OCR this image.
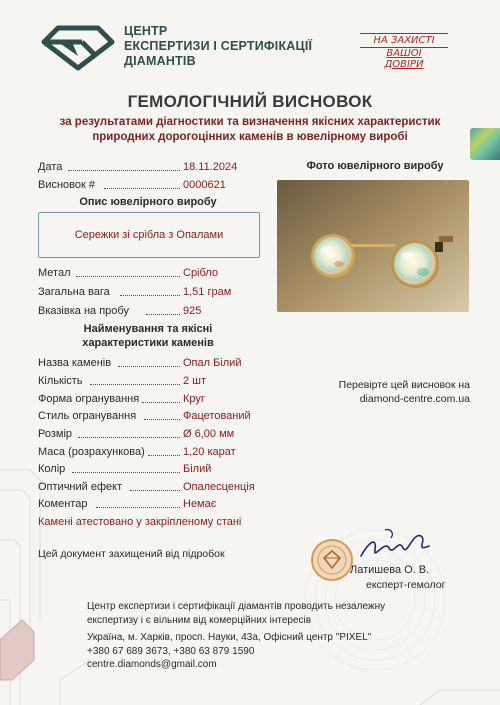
ЦЕНТР
ЕКСПЕРТИЗИ І СЕРТИФІКАЦІЇ
ДІАМАНТІВ
НА ЗАХИСТІ
ВАШОЇ
ДОВІРИ
ГЕМОЛОГІЧНИЙ ВИСНОВОК
за результатами діагностики та визначення якісних характеристик
природних дорогоцінних каменів в ювелірному виробі
Дата	18.11.2024
Висновок #	0000621
Опис ювелірного виробу
Сережки зі срібла з Опалами
Метал	Срібло
Загальна вага	1,51 грам
Вказівка на пробу	925
Найменування та якісні
характеристики каменів
Назва каменів	Опал Білий
Кількість	2 шт
Форма огранування	Круг
Стиль огранування	Фацетований
Розмір	Ø 6,00 мм
Маса (розрахункова)	1,20 карат
Колір	Білий
Оптичний ефект	Опалесценція
Коментар	Немає
Фото ювелірного виробу
Перевірте цей висновок на
diamond-centre.com.ua
Камені атестовано у закріпленому стані
Цей документ захищений від підробок
Латишева О. В.
експерт-гемолог
Центр експертизи і сертифікації діамантів проводить незалежну
експертизу і є вільним від комерційних інтересів
Україна, м. Харків, просп. Науки, 43а, Офісний центр "PIXEL"
+380 67 689 3673, +380 63 879 1590
centre.diamonds@gmail.com
